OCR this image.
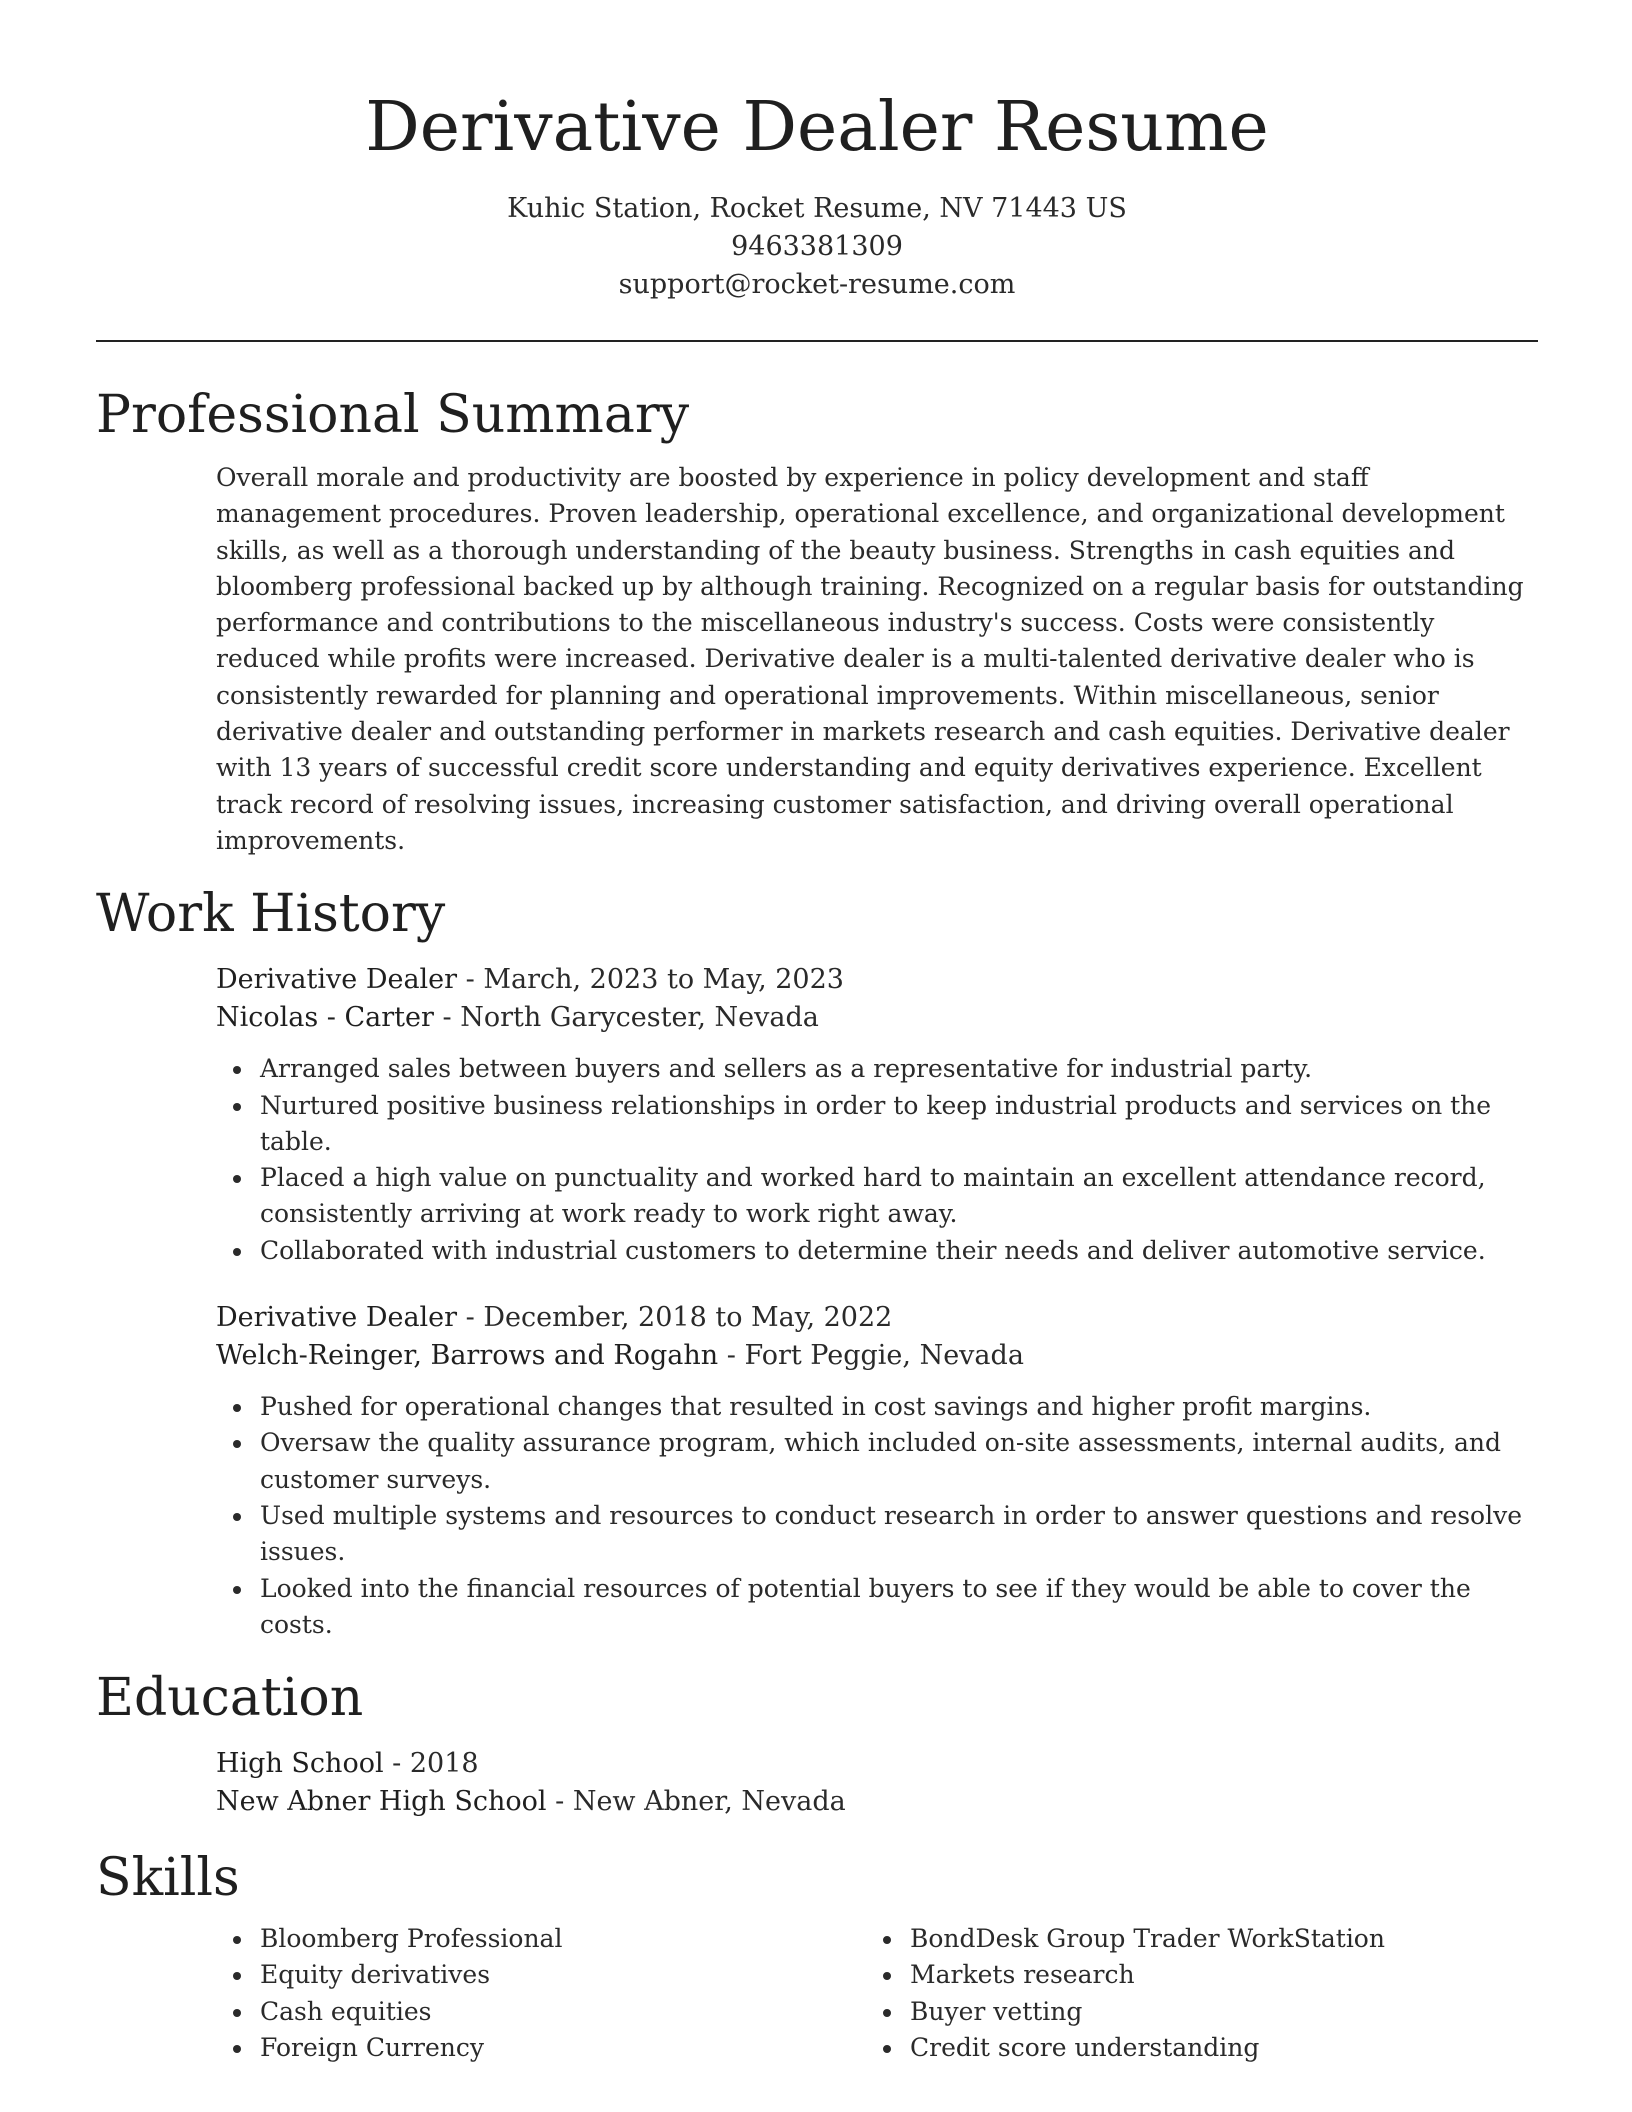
Derivative Dealer Resume
Kuhic Station, Rocket Resume, NV 71443 US
9463381309
support@rocket-resume.com
Professional Summary

Overall morale and productivity are boosted by experience in policy development and staff management procedures. Proven leadership, operational excellence, and organizational development skills, as well as a thorough understanding of the beauty business. Strengths in cash equities and bloomberg professional backed up by although training. Recognized on a regular basis for outstanding performance and contributions to the miscellaneous industry's success. Costs were consistently reduced while profits were increased. Derivative dealer is a multi-talented derivative dealer who is consistently rewarded for planning and operational improvements. Within miscellaneous, senior derivative dealer and outstanding performer in markets research and cash equities. Derivative dealer with 13 years of successful credit score understanding and equity derivatives experience. Excellent track record of resolving issues, increasing customer satisfaction, and driving overall operational improvements.

Work History
Derivative Dealer - March, 2023 to May, 2023
Nicolas - Carter - North Garycester, Nevada
Arranged sales between buyers and sellers as a representative for industrial party.
Nurtured positive business relationships in order to keep industrial products and services on the table.
Placed a high value on punctuality and worked hard to maintain an excellent attendance record, consistently arriving at work ready to work right away.
Collaborated with industrial customers to determine their needs and deliver automotive service.
Derivative Dealer - December, 2018 to May, 2022
Welch-Reinger, Barrows and Rogahn - Fort Peggie, Nevada
Pushed for operational changes that resulted in cost savings and higher profit margins.
Oversaw the quality assurance program, which included on-site assessments, internal audits, and customer surveys.
Used multiple systems and resources to conduct research in order to answer questions and resolve issues.
Looked into the financial resources of potential buyers to see if they would be able to cover the costs.
Education
High School - 2018
New Abner High School - New Abner, Nevada
Skills
Bloomberg Professional
Equity derivatives
Cash equities
Foreign Currency
BondDesk Group Trader WorkStation
Markets research
Buyer vetting
Credit score understanding
